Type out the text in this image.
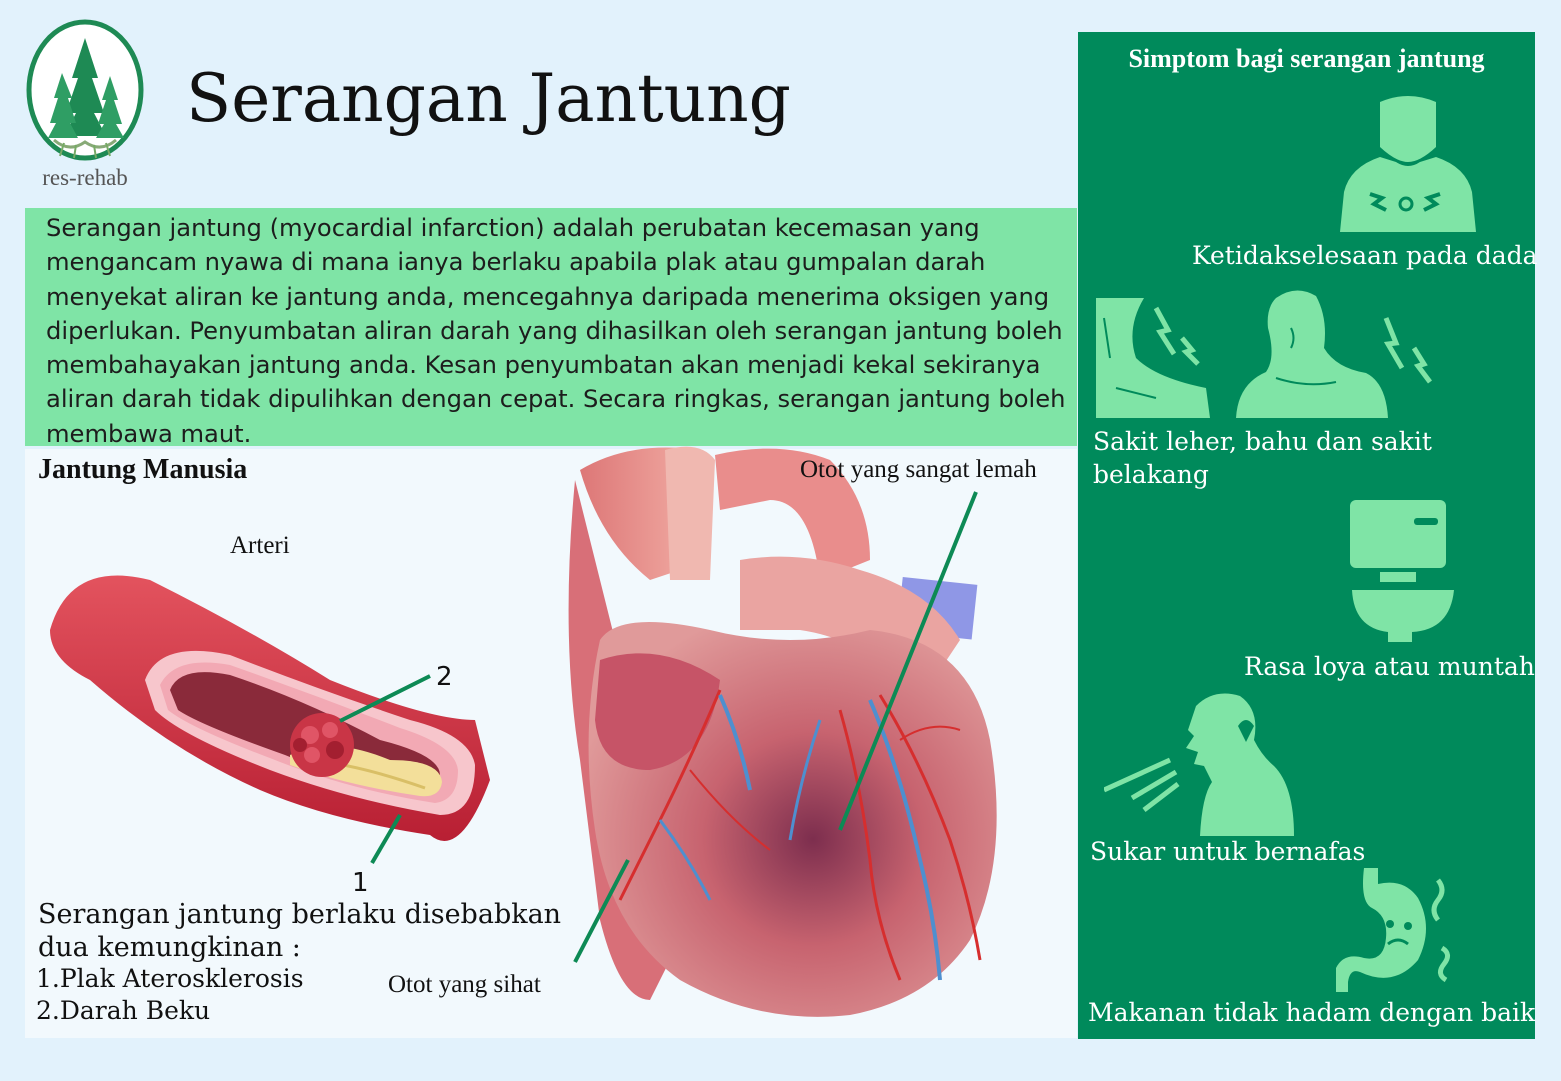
res-rehab
Serangan Jantung
Serangan jantung (myocardial infarction) adalah perubatan kecemasan yang mengancam nyawa di mana ianya berlaku apabila plak atau gumpalan darah menyekat aliran ke jantung anda, mencegahnya daripada menerima oksigen yang diperlukan. Penyumbatan aliran darah yang dihasilkan oleh serangan jantung boleh membahayakan jantung anda. Kesan penyumbatan akan menjadi kekal sekiranya aliran darah tidak dipulihkan dengan cepat. Secara ringkas, serangan jantung boleh membawa maut.
Jantung Manusia
Arteri
2
1
Otot yang sangat lemah
Otot yang sihat
Serangan jantung berlaku disebabkan
dua kemungkinan :
1.Plak Aterosklerosis
2.Darah Beku
Simptom bagi serangan jantung
Ketidakselesaan pada dada
Sakit leher, bahu dan sakit
belakang
Rasa loya atau muntah
Sukar untuk bernafas
Makanan tidak hadam dengan baik
